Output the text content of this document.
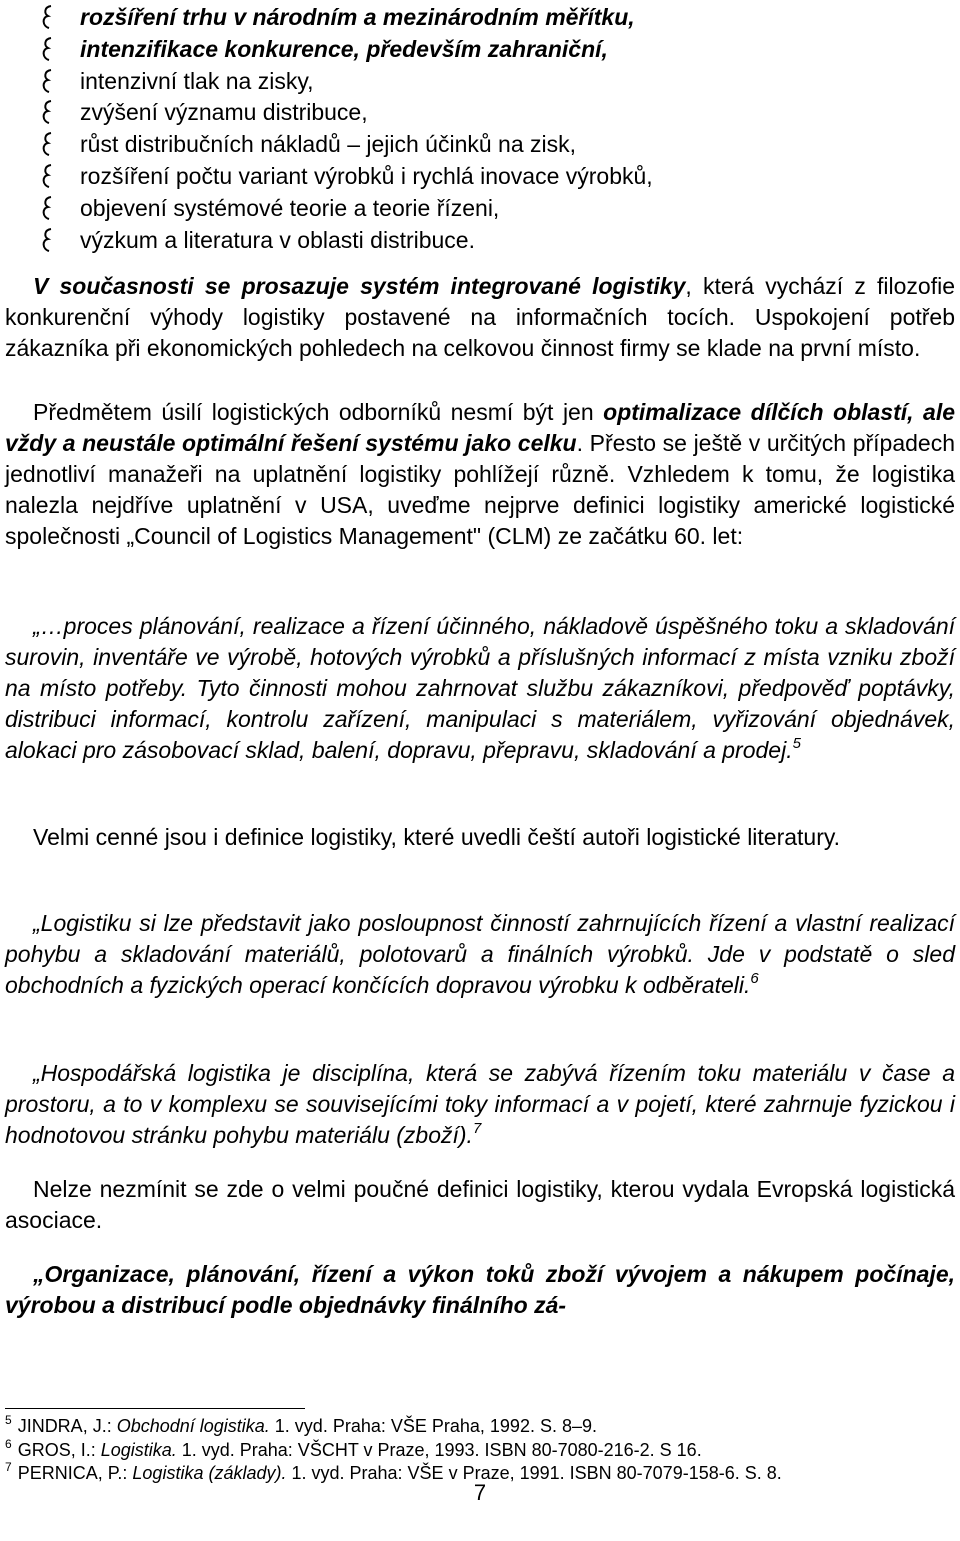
rozšíření trhu v národním a mezinárodním měřítku,
intenzifikace konkurence, především zahraniční,
intenzivní tlak na zisky,
zvýšení významu distribuce,
růst distribučních nákladů – jejich účinků na zisk,
rozšíření počtu variant výrobků i rychlá inovace výrobků,
objevení systémové teorie a teorie řízeni,
výzkum a literatura v oblasti distribuce.

V současnosti se prosazuje systém integrované logistiky, která vychází z filozofie konkurenční výhody logistiky postavené na informačních tocích. Uspokojení potřeb zákazníka při ekonomických pohledech na celkovou činnost firmy se klade na první místo.

Předmětem úsilí logistických odborníků nesmí být jen optimalizace dílčích oblastí, ale vždy a neustále optimální řešení systému jako celku. Přesto se ještě v určitých případech jednotliví manažeři na uplatnění logistiky pohlížejí různě. Vzhledem k tomu, že logistika nalezla nejdříve uplatnění v USA, uveďme nejprve definici logistiky americké logistické společnosti „Council of Logistics Management" (CLM) ze začátku 60. let:

„…proces plánování, realizace a řízení účinného, nákladově úspěšného toku a skladování surovin, inventáře ve výrobě, hotových výrobků a příslušných informací z místa vzniku zboží na místo potřeby. Tyto činnosti mohou zahrnovat službu zákazníkovi, předpověď poptávky, distribuci informací, kontrolu zařízení, manipulaci s materiálem, vyřizování objednávek, alokaci pro zásobovací sklad, balení, dopravu, přepravu, skladování a prodej.$^5$

Velmi cenné jsou i definice logistiky, které uvedli čeští autoři logistické literatury.

„Logistiku si lze představit jako posloupnost činností zahrnujících řízení a vlastní realizací pohybu a skladování materiálů, polotovarů a finálních výrobků. Jde v podstatě o sled obchodních a fyzických operací končících dopravou výrobku k odběrateli.$^6$

„Hospodářská logistika je disciplína, která se zabývá řízením toku materiálu v čase a prostoru, a to v komplexu se souvisejícími toky informací a v pojetí, které zahrnuje fyzickou i hodnotovou stránku pohybu materiálu (zboží).$^7$

Nelze nezmínit se zde o velmi poučné definici logistiky, kterou vydala Evropská logistická asociace.

„Organizace, plánování, řízení a výkon toků zboží vývojem a nákupem počínaje, výrobou a distribucí podle objednávky finálního zá-

$^5$ JINDRA, J.: Obchodní logistika. 1. vyd. Praha: VŠE Praha, 1992. S. 8–9.
$^6$ GROS, I.: Logistika. 1. vyd. Praha: VŠCHT v Praze, 1993. ISBN 80-7080-216-2. S 16.
$^7$ PERNICA, P.: Logistika (základy). 1. vyd. Praha: VŠE v Praze, 1991. ISBN 80-7079-158-6. S. 8.
7
